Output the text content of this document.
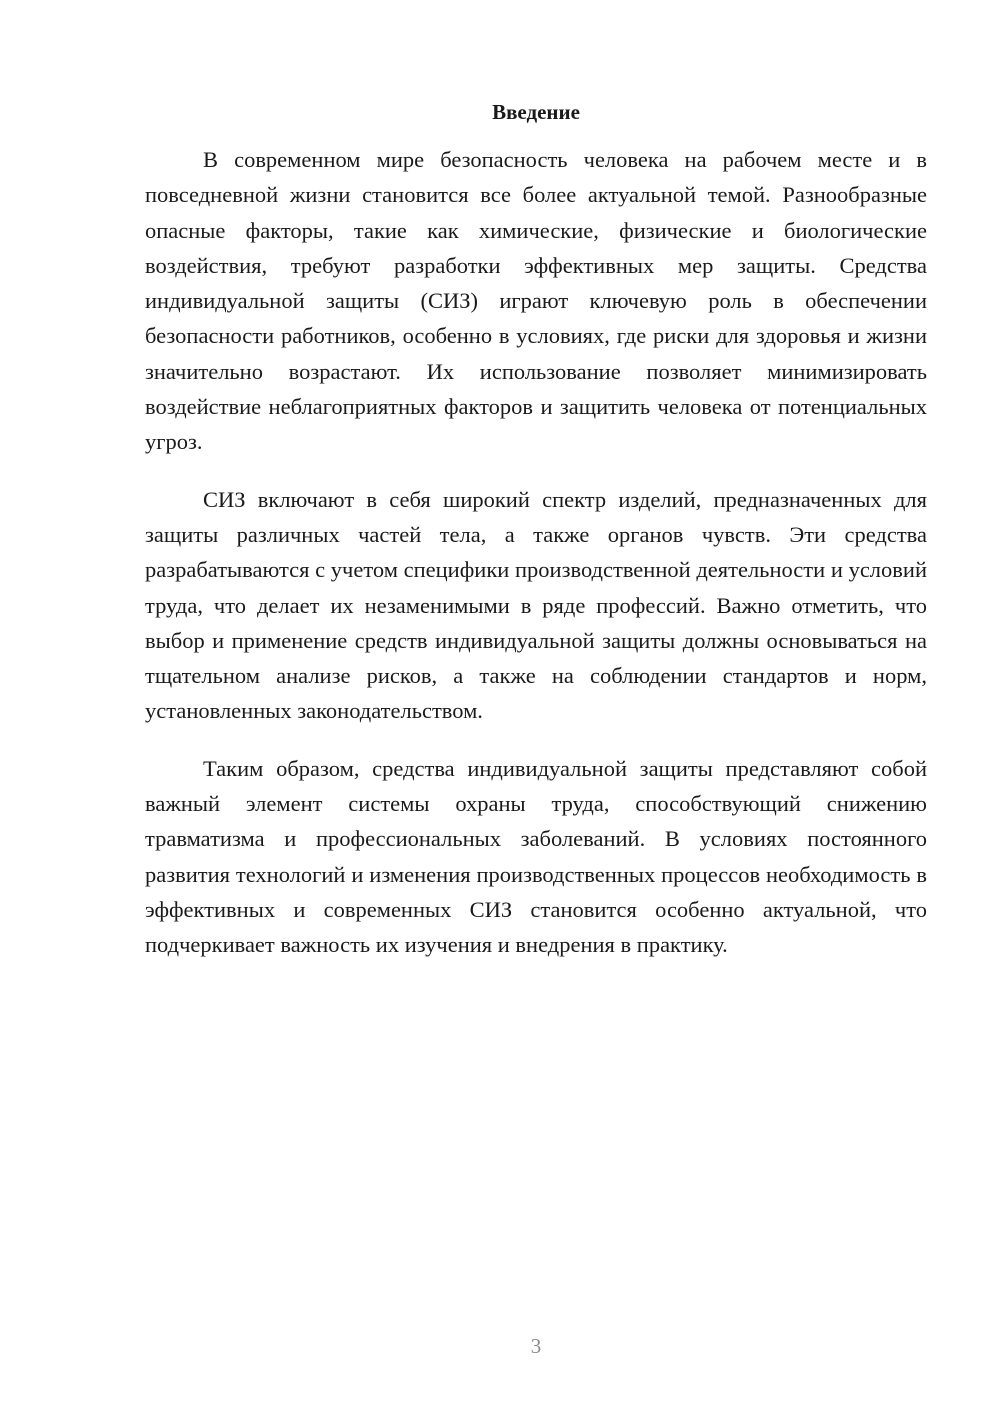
Введение

В современном мире безопасность человека на рабочем месте и в повседневной жизни становится все более актуальной темой. Разнообразные опасные факторы, такие как химические, физические и биологические воздействия, требуют разработки эффективных мер защиты. Средства индивидуальной защиты (СИЗ) играют ключевую роль в обеспечении безопасности работников, особенно в условиях, где риски для здоровья и жизни значительно возрастают. Их использование позволяет минимизировать воздействие неблагоприятных факторов и защитить человека от потенциальных угроз.

СИЗ включают в себя широкий спектр изделий, предназначенных для защиты различных частей тела, а также органов чувств. Эти средства разрабатываются с учетом специфики производственной деятельности и условий труда, что делает их незаменимыми в ряде профессий. Важно отметить, что выбор и применение средств индивидуальной защиты должны основываться на тщательном анализе рисков, а также на соблюдении стандартов и норм, установленных законодательством.

Таким образом, средства индивидуальной защиты представляют собой важный элемент системы охраны труда, способствующий снижению травматизма и профессиональных заболеваний. В условиях постоянного развития технологий и изменения производственных процессов необходимость в эффективных и современных СИЗ становится особенно актуальной, что подчеркивает важность их изучения и внедрения в практику.

3
